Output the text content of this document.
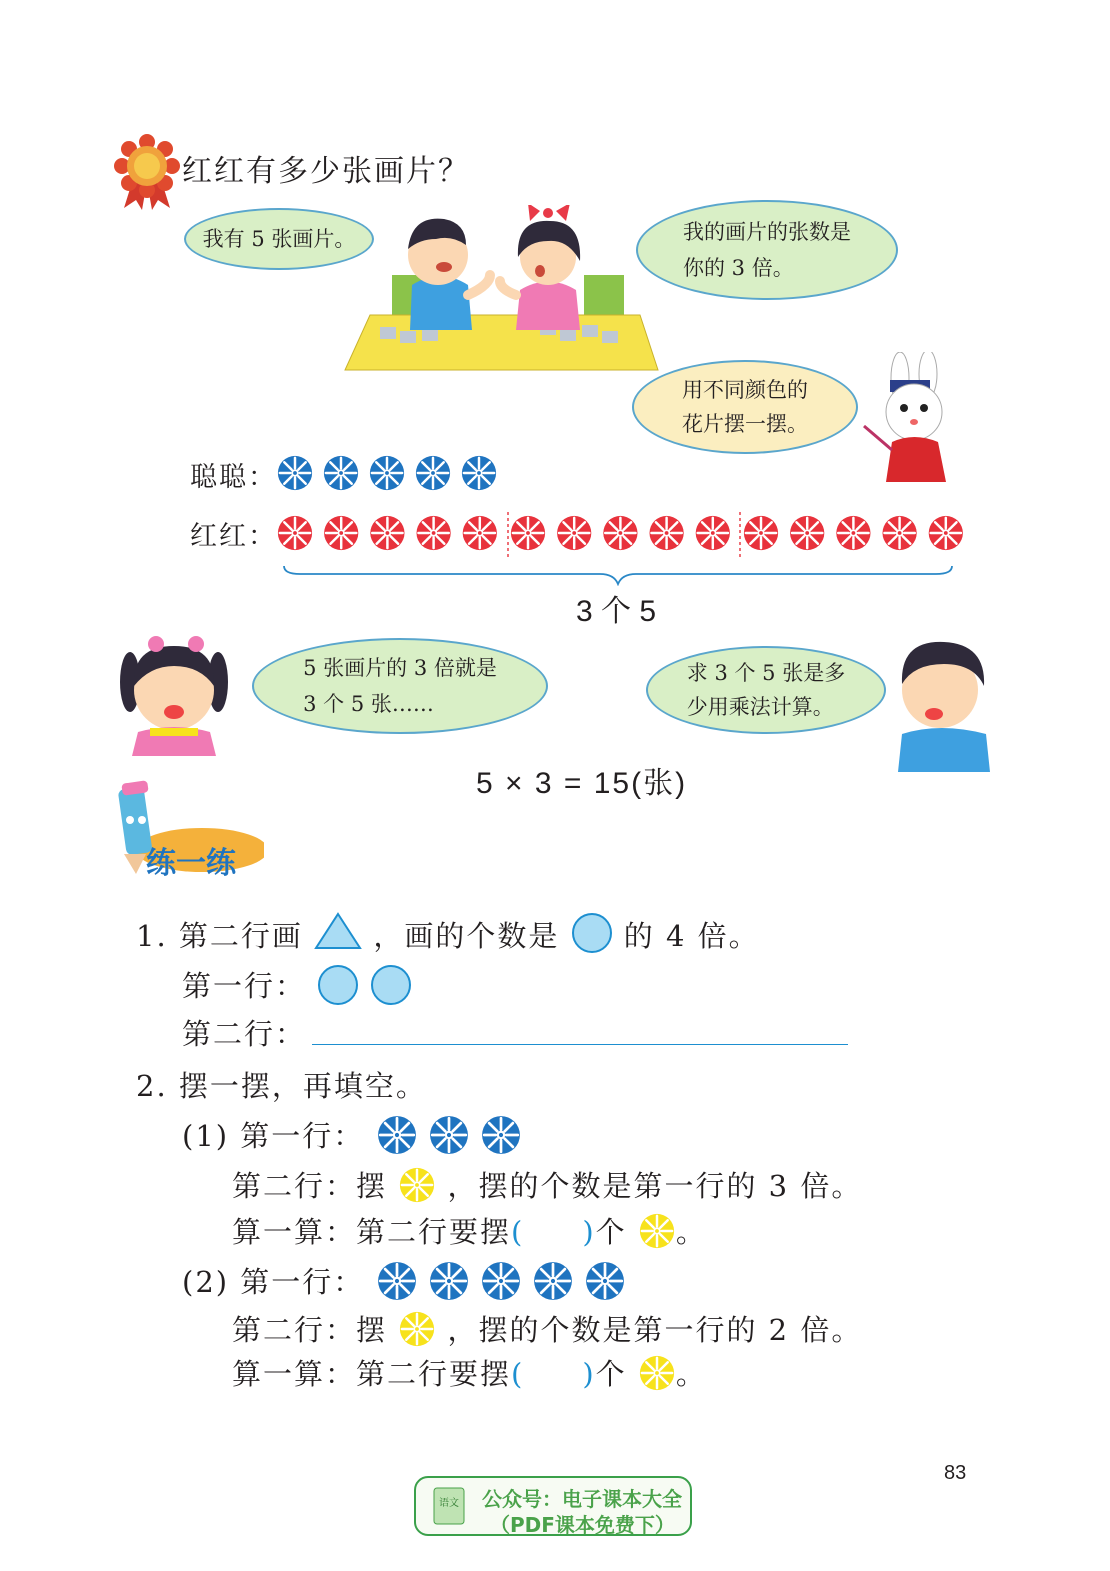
红红有多少张画片？
我有 5 张画片。	我的画片的张数是
你的 3 倍。
用不同颜色的
花片摆一摆。
聪聪：
红红：
3 个 5
5 张画片的 3 倍就是
3 个 5 张……
求 3 个 5 张是多
少用乘法计算。
5 × 3 = 15(张)
练一练
1. 第二行画 ，画的个数是 的 4 倍。
第一行：
第二行：
2. 摆一摆，再填空。
(1) 第一行：
第二行：摆 ，摆的个数是第一行的 3 倍。
算一算：第二行要摆( )个 。
(2) 第一行：
第二行：摆 ，摆的个数是第一行的 2 倍。
算一算：第二行要摆( )个 。
83
语文 公众号：电子课本大全
（PDF课本免费下）
